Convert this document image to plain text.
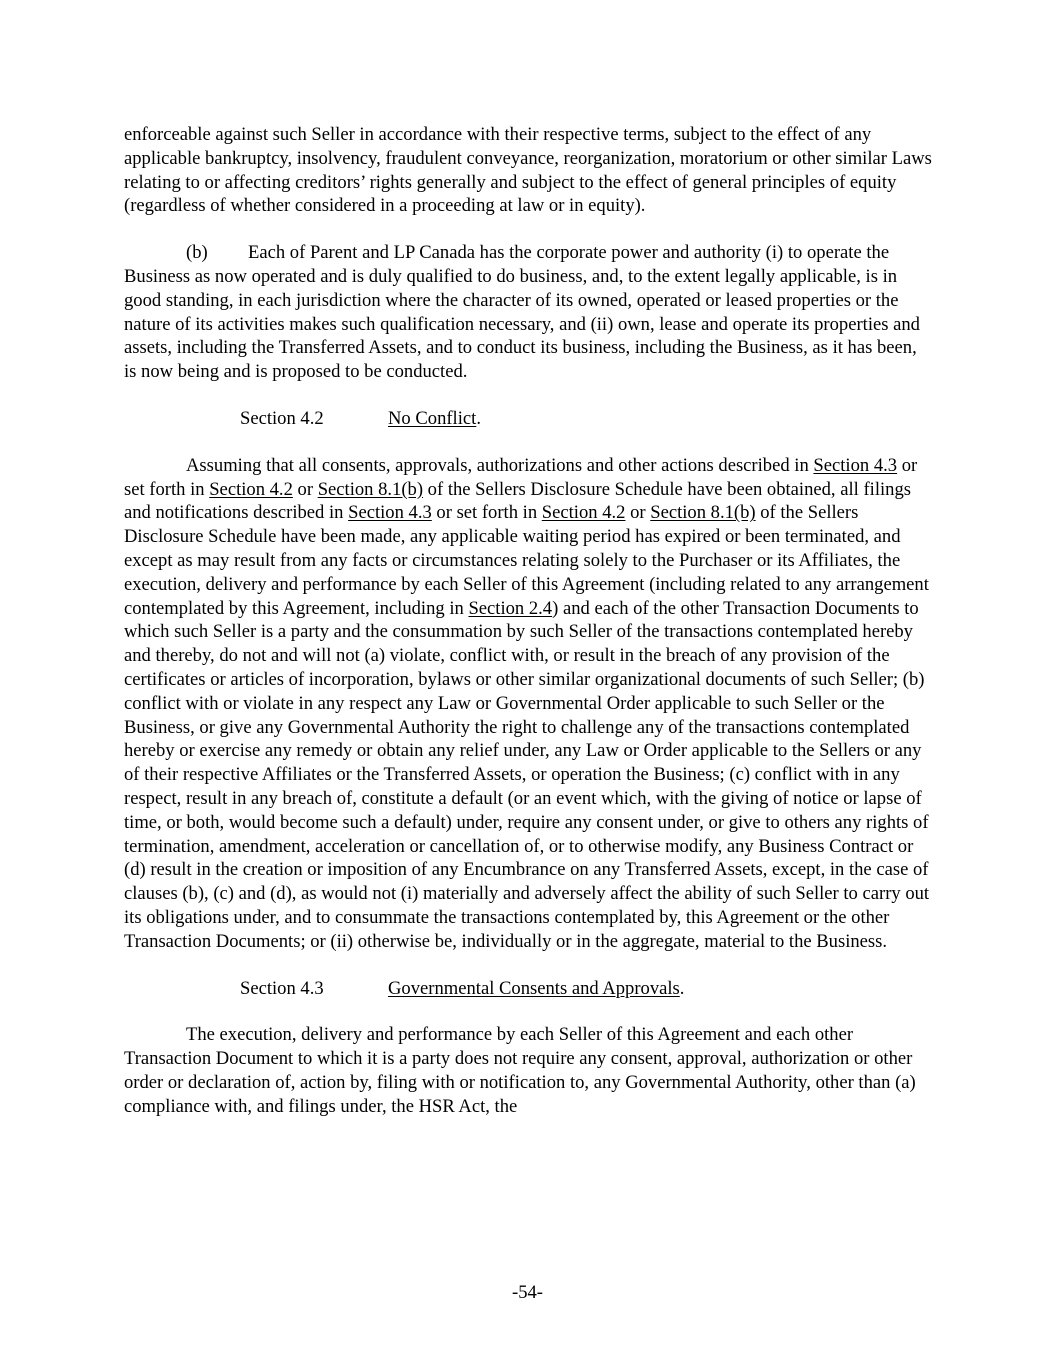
enforceable against such Seller in accordance with their respective terms, subject to the effect of any applicable bankruptcy, insolvency, fraudulent conveyance, reorganization, moratorium or other similar Laws relating to or affecting creditors’ rights generally and subject to the effect of general principles of equity (regardless of whether considered in a proceeding at law or in equity).

(b) Each of Parent and LP Canada has the corporate power and authority (i) to operate the Business as now operated and is duly qualified to do business, and, to the extent legally applicable, is in good standing, in each jurisdiction where the character of its owned, operated or leased properties or the nature of its activities makes such qualification necessary, and (ii) own, lease and operate its properties and assets, including the Transferred Assets, and to conduct its business, including the Business, as it has been, is now being and is proposed to be conducted.

Section 4.2	No Conflict.

Assuming that all consents, approvals, authorizations and other actions described in Section 4.3 or set forth in Section 4.2 or Section 8.1(b) of the Sellers Disclosure Schedule have been obtained, all filings and notifications described in Section 4.3 or set forth in Section 4.2 or Section 8.1(b) of the Sellers Disclosure Schedule have been made, any applicable waiting period has expired or been terminated, and except as may result from any facts or circumstances relating solely to the Purchaser or its Affiliates, the execution, delivery and performance by each Seller of this Agreement (including related to any arrangement contemplated by this Agreement, including in Section 2.4) and each of the other Transaction Documents to which such Seller is a party and the consummation by such Seller of the transactions contemplated hereby and thereby, do not and will not (a) violate, conflict with, or result in the breach of any provision of the certificates or articles of incorporation, bylaws or other similar organizational documents of such Seller; (b) conflict with or violate in any respect any Law or Governmental Order applicable to such Seller or the Business, or give any Governmental Authority the right to challenge any of the transactions contemplated hereby or exercise any remedy or obtain any relief under, any Law or Order applicable to the Sellers or any of their respective Affiliates or the Transferred Assets, or operation the Business; (c) conflict with in any respect, result in any breach of, constitute a default (or an event which, with the giving of notice or lapse of time, or both, would become such a default) under, require any consent under, or give to others any rights of termination, amendment, acceleration or cancellation of, or to otherwise modify, any Business Contract or (d) result in the creation or imposition of any Encumbrance on any Transferred Assets, except, in the case of clauses (b), (c) and (d), as would not (i) materially and adversely affect the ability of such Seller to carry out its obligations under, and to consummate the transactions contemplated by, this Agreement or the other Transaction Documents; or (ii) otherwise be, individually or in the aggregate, material to the Business.

Section 4.3	Governmental Consents and Approvals.

The execution, delivery and performance by each Seller of this Agreement and each other Transaction Document to which it is a party does not require any consent, approval, authorization or other order or declaration of, action by, filing with or notification to, any Governmental Authority, other than (a) compliance with, and filings under, the HSR Act, the

-54-
